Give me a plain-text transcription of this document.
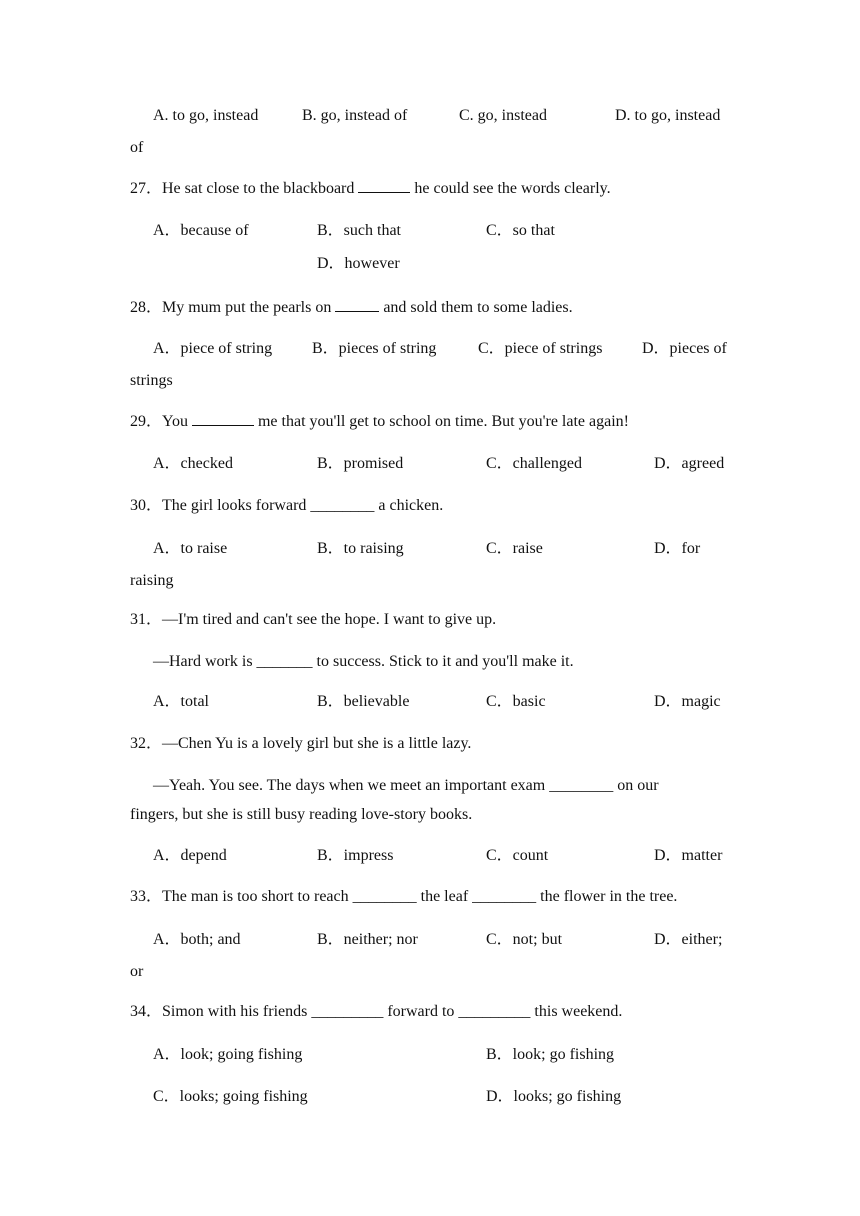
A. to go, instead	B. go, instead of	C. go, instead	D. to go, instead
of
27．He sat close to the blackboard	he could see the words clearly.
A．because of	B．such that	C．so that
D．however
28．My mum put the pearls on	and sold them to some ladies.
A．piece of string B．pieces of string	C．piece of strings D．pieces of
strings
29．You	me that you'll get to school on time. But you're late again!
A．checked	B．promised	C．challenged	D．agreed
30．The girl looks forward ________ a chicken.
A．to raise	B．to raising	C．raise	D．for
raising
31．—I'm tired and can't see the hope. I want to give up.
—Hard work is _______ to success. Stick to it and you'll make it.
A．total	B．believable	C．basic	D．magic
32．—Chen Yu is a lovely girl but she is a little lazy.
—Yeah. You see. The days when we meet an important exam ________ on our
fingers, but she is still busy reading love-story books.
A．depend	B．impress	C．count	D．matter
33．The man is too short to reach ________ the leaf ________ the flower in the tree.
A．both; and	B．neither; nor	C．not; but	D．either;
or
34．Simon with his friends _________ forward to _________ this weekend.
A．look; going fishing	B．look; go fishing
C．looks; going fishing	D．looks; go fishing
